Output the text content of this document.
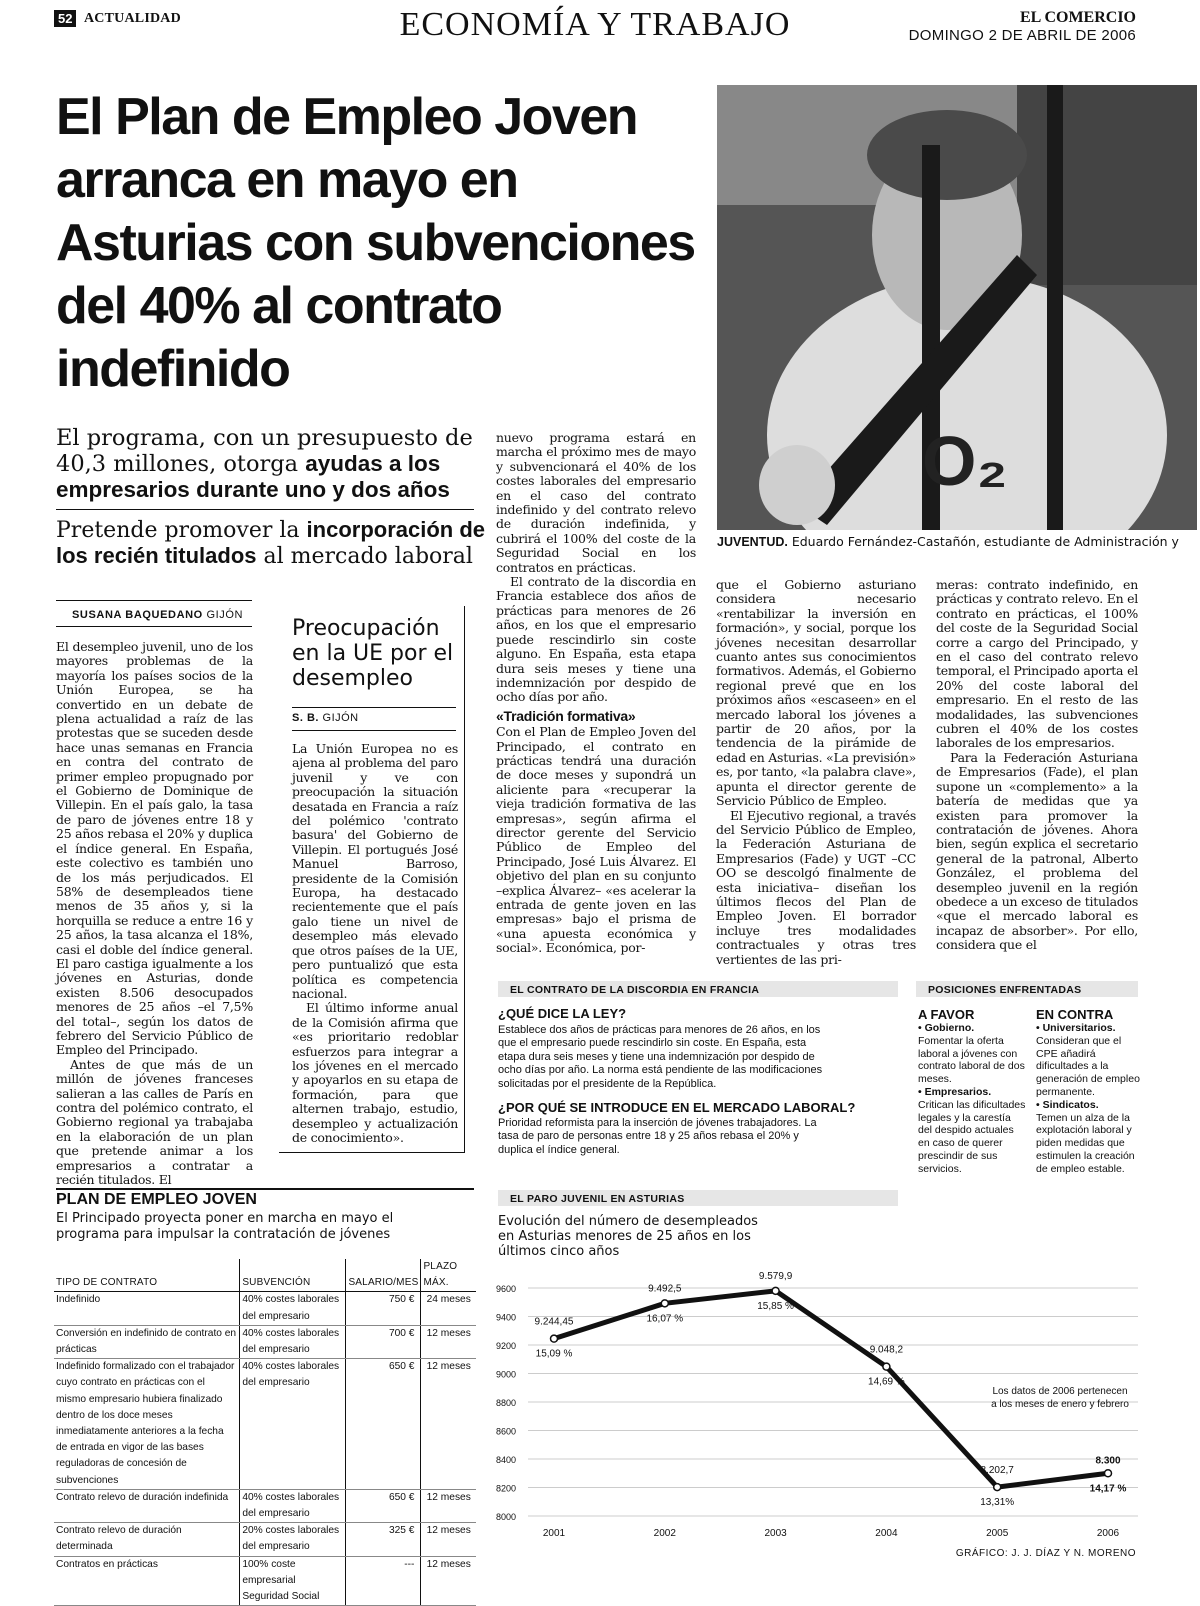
52 ACTUALIDAD	ECONOMÍA Y TRABAJO	EL COMERCIO
DOMINGO 2 DE ABRIL DE 2006
El Plan de Empleo Joven arranca en mayo en Asturias con subvenciones del 40% al contrato indefinido
O₂
JUVENTUD. Eduardo Fernández-Castañón, estudiante de Administración y
El programa, con un presupuesto de 40,3 millones, otorga ayudas a los empresarios durante uno y dos años
Pretende promover la incorporación de los recién titulados al mercado laboral
SUSANA BAQUEDANO GIJÓN

El desempleo juvenil, uno de los mayores problemas de la mayoría los países socios de la Unión Europea, se ha convertido en un debate de plena actualidad a raíz de las protestas que se suceden desde hace unas semanas en Francia en contra del contrato de primer empleo propugnado por el Gobierno de Dominique de Villepin. En el país galo, la tasa de paro de jóvenes entre 18 y 25 años rebasa el 20% y duplica el índice general. En España, este colectivo es también uno de los más perjudicados. El 58% de desempleados tiene menos de 35 años y, si la horquilla se reduce a entre 16 y 25 años, la tasa alcanza el 18%, casi el doble del índice general. El paro castiga igualmente a los jóvenes en Asturias, donde existen 8.506 desocupados menores de 25 años –el 7,5% del total–, según los datos de febrero del Servicio Público de Empleo del Principado.

Antes de que más de un millón de jóvenes franceses salieran a las calles de París en contra del polémico contrato, el Gobierno regional ya trabajaba en la elaboración de un plan que pretende animar a los empresarios a contratar a recién titulados. El

Preocupación en la UE por el desempleo
S. B. GIJÓN

La Unión Europea no es ajena al problema del paro juvenil y ve con preocupación la situación desatada en Francia a raíz del polémico 'contrato basura' del Gobierno de Villepin. El portugués José Manuel Barroso, presidente de la Comisión Europa, ha destacado recientemente que el país galo tiene un nivel de desempleo más elevado que otros países de la UE, pero puntualizó que esta política es competencia nacional.

El último informe anual de la Comisión afirma que «es prioritario redoblar esfuerzos para integrar a los jóvenes en el mercado y apoyarlos en su etapa de formación, para que alternen trabajo, estudio, desempleo y actualización de conocimiento».

nuevo programa estará en marcha el próximo mes de mayo y subvencionará el 40% de los costes laborales del empresario en el caso del contrato indefinido y del contrato relevo de duración indefinida, y cubrirá el 100% del coste de la Seguridad Social en los contratos en prácticas.

El contrato de la discordia en Francia establece dos años de prácticas para menores de 26 años, en los que el empresario puede rescindirlo sin coste alguno. En España, esta etapa dura seis meses y tiene una indemnización por despido de ocho días por año.

«Tradición formativa»

Con el Plan de Empleo Joven del Principado, el contrato en prácticas tendrá una duración de doce meses y supondrá un aliciente para «recuperar la vieja tradición formativa de las empresas», según afirma el director gerente del Servicio Público de Empleo del Principado, José Luis Álvarez. El objetivo del plan en su conjunto –explica Álvarez– «es acelerar la entrada de gente joven en las empresas» bajo el prisma de «una apuesta económica y social». Económica, por-

que el Gobierno asturiano considera necesario «rentabilizar la inversión en formación», y social, porque los jóvenes necesitan desarrollar cuanto antes sus conocimientos formativos. Además, el Gobierno regional prevé que en los próximos años «escaseen» en el mercado laboral los jóvenes a partir de 20 años, por la tendencia de la pirámide de edad en Asturias. «La previsión» es, por tanto, «la palabra clave», apunta el director gerente de Servicio Público de Empleo.

El Ejecutivo regional, a través del Servicio Público de Empleo, la Federación Asturiana de Empresarios (Fade) y UGT –CC OO se descolgó finalmente de esta iniciativa– diseñan los últimos flecos del Plan de Empleo Joven. El borrador incluye tres modalidades contractuales y otras tres vertientes de las pri-

meras: contrato indefinido, en prácticas y contrato relevo. En el contrato en prácticas, el 100% del coste de la Seguridad Social corre a cargo del Principado, y en el caso del contrato relevo temporal, el Principado aporta el 20% del coste laboral del empresario. En el resto de las modalidades, las subvenciones cubren el 40% de los costes laborales de los empresarios.

Para la Federación Asturiana de Empresarios (Fade), el plan supone un «complemento» a la batería de medidas que ya existen para promover la contratación de jóvenes. Ahora bien, según explica el secretario general de la patronal, Alberto González, el problema del desempleo juvenil en la región obedece a un exceso de titulados «que el mercado laboral es incapaz de absorber». Por ello, considera que el

EL CONTRATO DE LA DISCORDIA EN FRANCIA
¿QUÉ DICE LA LEY?
Establece dos años de prácticas para menores de 26 años, en los que el empresario puede rescindirlo sin coste. En España, esta etapa dura seis meses y tiene una indemnización por despido de ocho días por año. La norma está pendiente de las modificaciones solicitadas por el presidente de la República.
¿POR QUÉ SE INTRODUCE EN EL MERCADO LABORAL?
Prioridad reformista para la inserción de jóvenes trabajadores. La tasa de paro de personas entre 18 y 25 años rebasa el 20% y duplica el índice general.
POSICIONES ENFRENTADAS
A FAVOR
• Gobierno.
Fomentar la oferta laboral a jóvenes con contrato laboral de dos meses.
• Empresarios.
Critican las dificultades legales y la carestía del despido actuales en caso de querer prescindir de sus servicios.
EN CONTRA
• Universitarios.
Consideran que el CPE añadirá dificultades a la generación de empleo permanente.
• Sindicatos.
Temen un alza de la explotación laboral y piden medidas que estimulen la creación de empleo estable.
PLAN DE EMPLEO JOVEN
El Principado proyecta poner en marcha en mayo el programa para impulsar la contratación de jóvenes
TIPO DE CONTRATO	SUBVENCIÓN	SALARIO/MES	PLAZO MÁX.
Indefinido	40% costes laborales del empresario	750 €	24 meses
Conversión en indefinido de contrato en prácticas	40% costes laborales del empresario	700 €	12 meses
Indefinido formalizado con el trabajador cuyo contrato en prácticas con el mismo empresario hubiera finalizado dentro de los doce meses inmediatamente anteriores a la fecha de entrada en vigor de las bases reguladoras de concesión de subvenciones	40% costes laborales del empresario	650 €	12 meses
Contrato relevo de duración indefinida	40% costes laborales del empresario	650 €	12 meses
Contrato relevo de duración determinada	20% costes laborales del empresario	325 €	12 meses
Contratos en prácticas	100% coste empresarial Seguridad Social	---	12 meses
EL PARO JUVENIL EN ASTURIAS
Evolución del número de desempleados en Asturias menores de 25 años en los últimos cinco años
9600
9400
9200
9000
8800
8600
8400
8200
8000
2001	2002	2003	2004	2005	2006
9.244,45
15,09 %
9.492,5
16,07 %
9.579,9
15,85 %
9.048,2
14,69 %
8.202,7
13,31%
8.300
14,17 %
Los datos de 2006 pertenecen a los meses de enero y febrero
GRÁFICO: J. J. DÍAZ Y N. MORENO
